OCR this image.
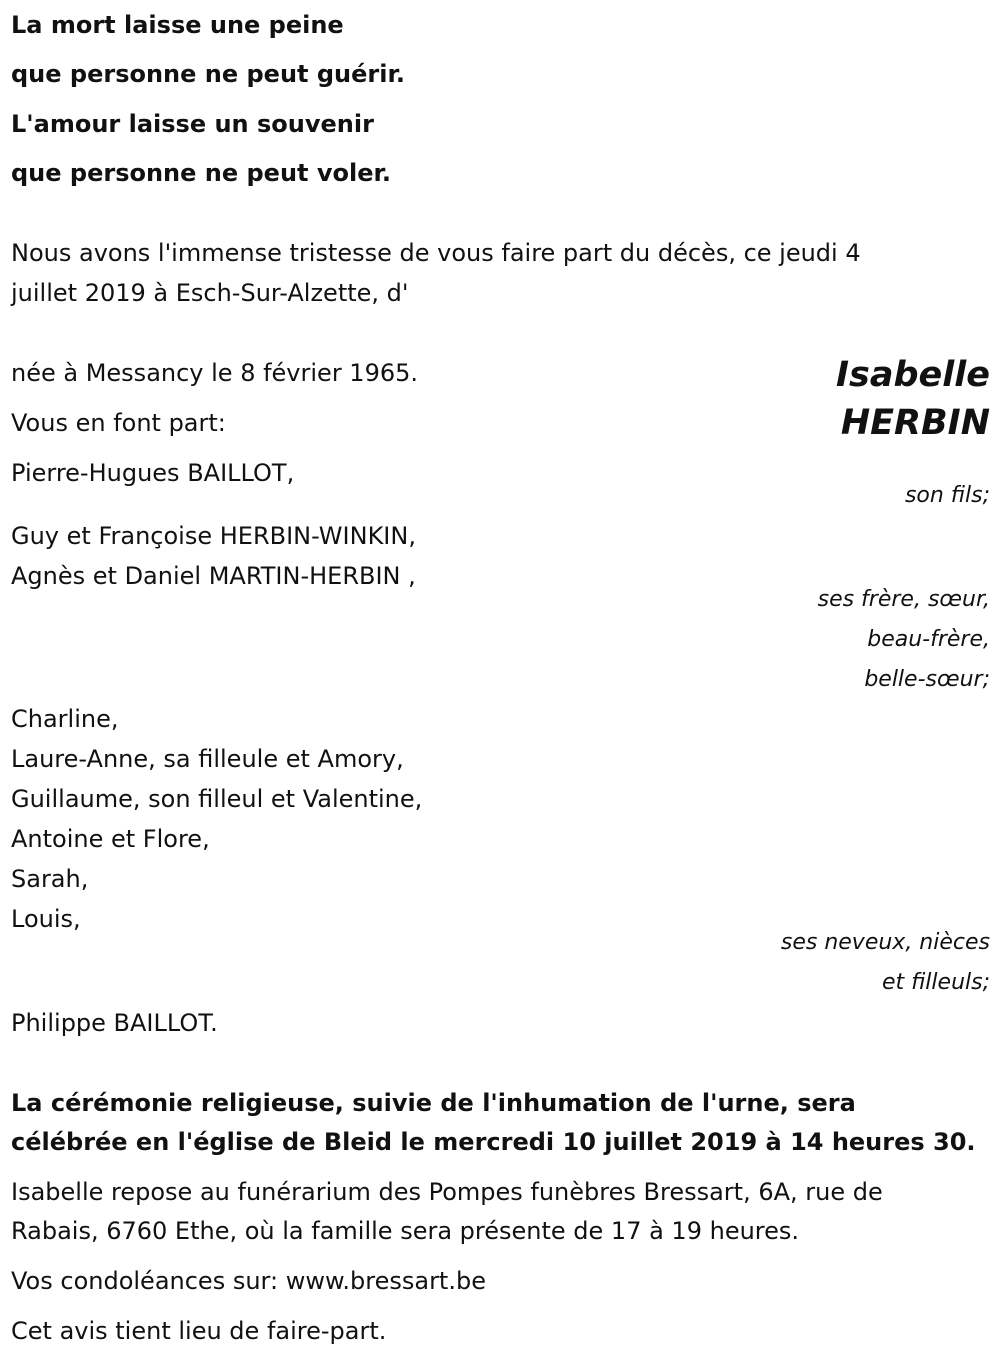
La mort laisse une peine
que personne ne peut guérir.
L'amour laisse un souvenir
que personne ne peut voler.
Nous avons l'immense tristesse de vous faire part du décès, ce jeudi 4
juillet 2019 à Esch-Sur-Alzette, d'
Isabelle
HERBIN
née à Messancy le 8 février 1965.
Vous en font part:
Pierre-Hugues BAILLOT,
son fils;
Guy et Françoise HERBIN-WINKIN,
Agnès et Daniel MARTIN-HERBIN ,
ses frère, sœur,
beau-frère,
belle-sœur;
Charline,
Laure-Anne, sa filleule et Amory,
Guillaume, son filleul et Valentine,
Antoine et Flore,
Sarah,
Louis,
ses neveux, nièces
et filleuls;
Philippe BAILLOT.
La cérémonie religieuse, suivie de l'inhumation de l'urne, sera
célébrée en l'église de Bleid le mercredi 10 juillet 2019 à 14 heures 30.
Isabelle repose au funérarium des Pompes funèbres Bressart, 6A, rue de
Rabais, 6760 Ethe, où la famille sera présente de 17 à 19 heures.
Vos condoléances sur: www.bressart.be
Cet avis tient lieu de faire-part.
